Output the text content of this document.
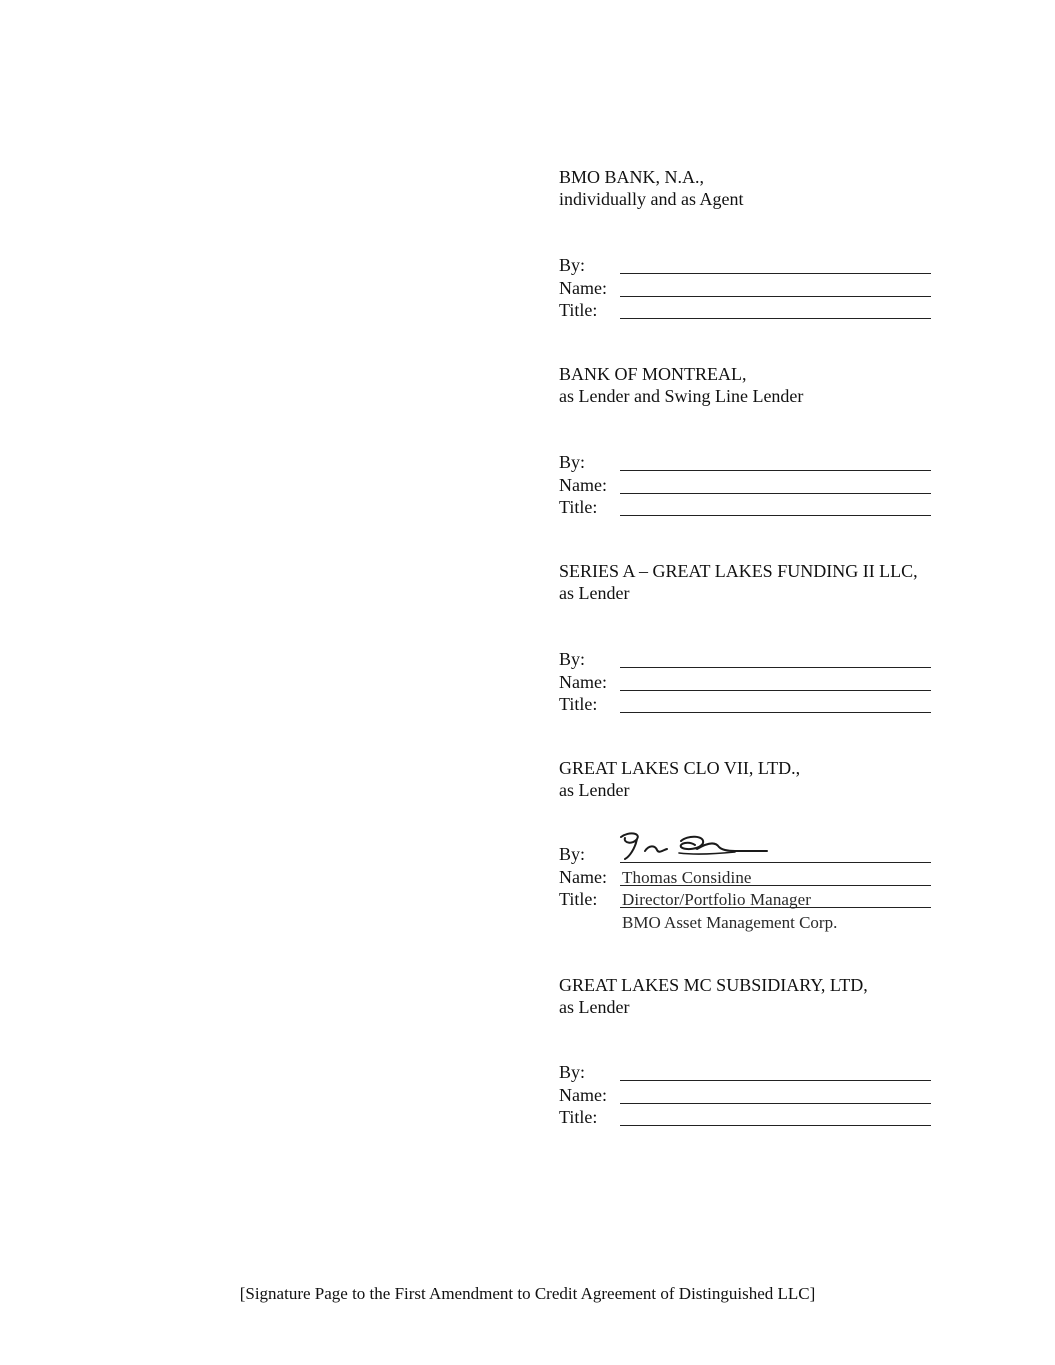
BMO BANK, N.A.,
individually and as Agent
By:
Name:
Title:
BANK OF MONTREAL,
as Lender and Swing Line Lender
By:
Name:
Title:
SERIES A – GREAT LAKES FUNDING II LLC,
as Lender
By:
Name:
Title:
GREAT LAKES CLO VII, LTD.,
as Lender
By:
Name: Thomas Considine
Title: Director/Portfolio Manager
BMO Asset Management Corp.
GREAT LAKES MC SUBSIDIARY, LTD,
as Lender
By:
Name:
Title:
[Signature Page to the First Amendment to Credit Agreement of Distinguished LLC]
